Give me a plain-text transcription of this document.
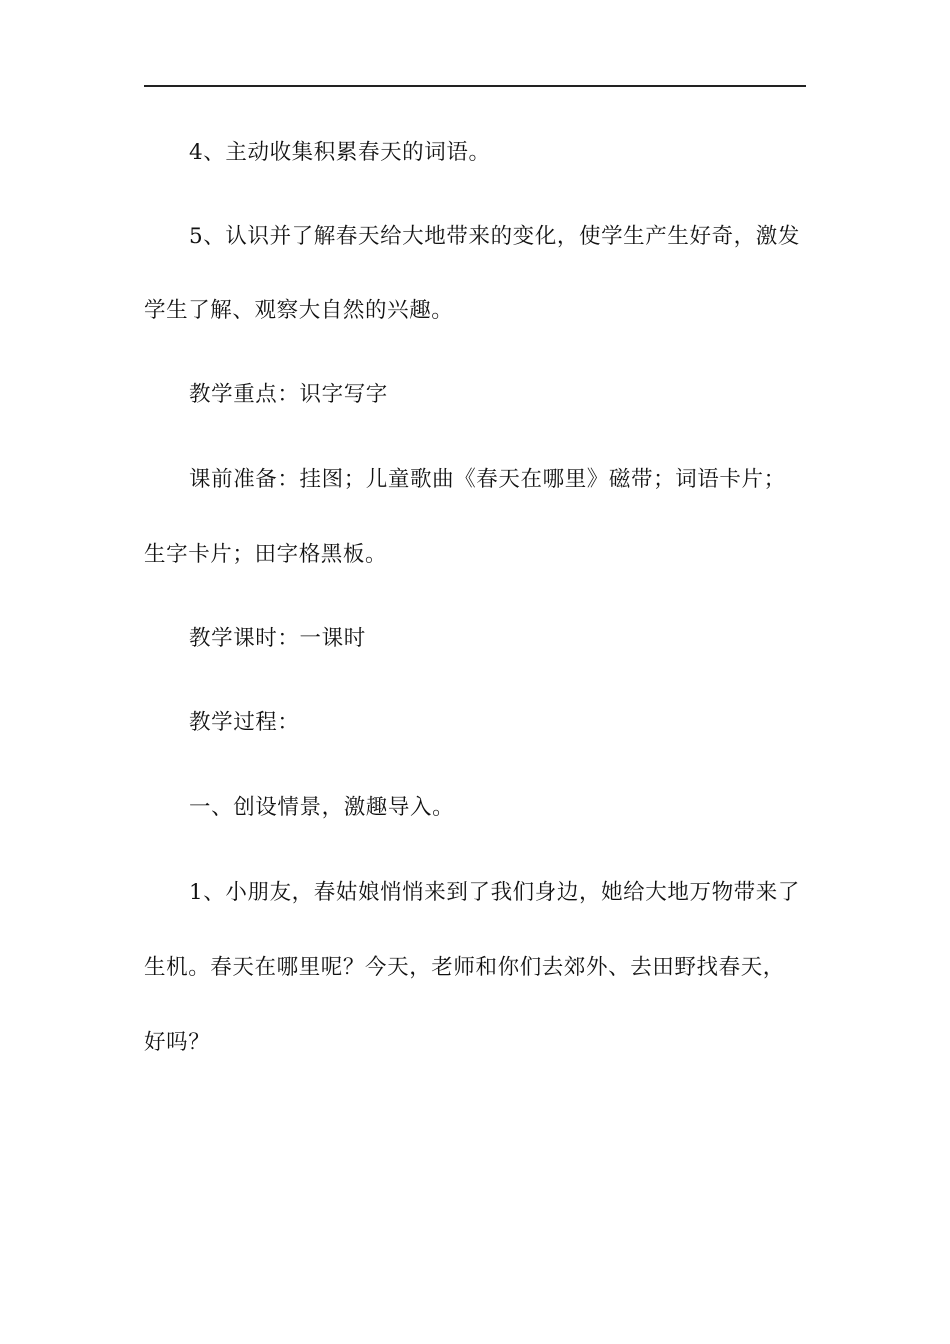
4、主动收集积累春天的词语。
5、认识并了解春天给大地带来的变化，使学生产生好奇，激发
学生了解、观察大自然的兴趣。
教学重点：识字写字
课前准备：挂图；儿童歌曲《春天在哪里》磁带；词语卡片；
生字卡片；田字格黑板。
教学课时：一课时
教学过程：
一、创设情景，激趣导入。
1、小朋友，春姑娘悄悄来到了我们身边，她给大地万物带来了
生机。春天在哪里呢？今天，老师和你们去郊外、去田野找春天，
好吗？
